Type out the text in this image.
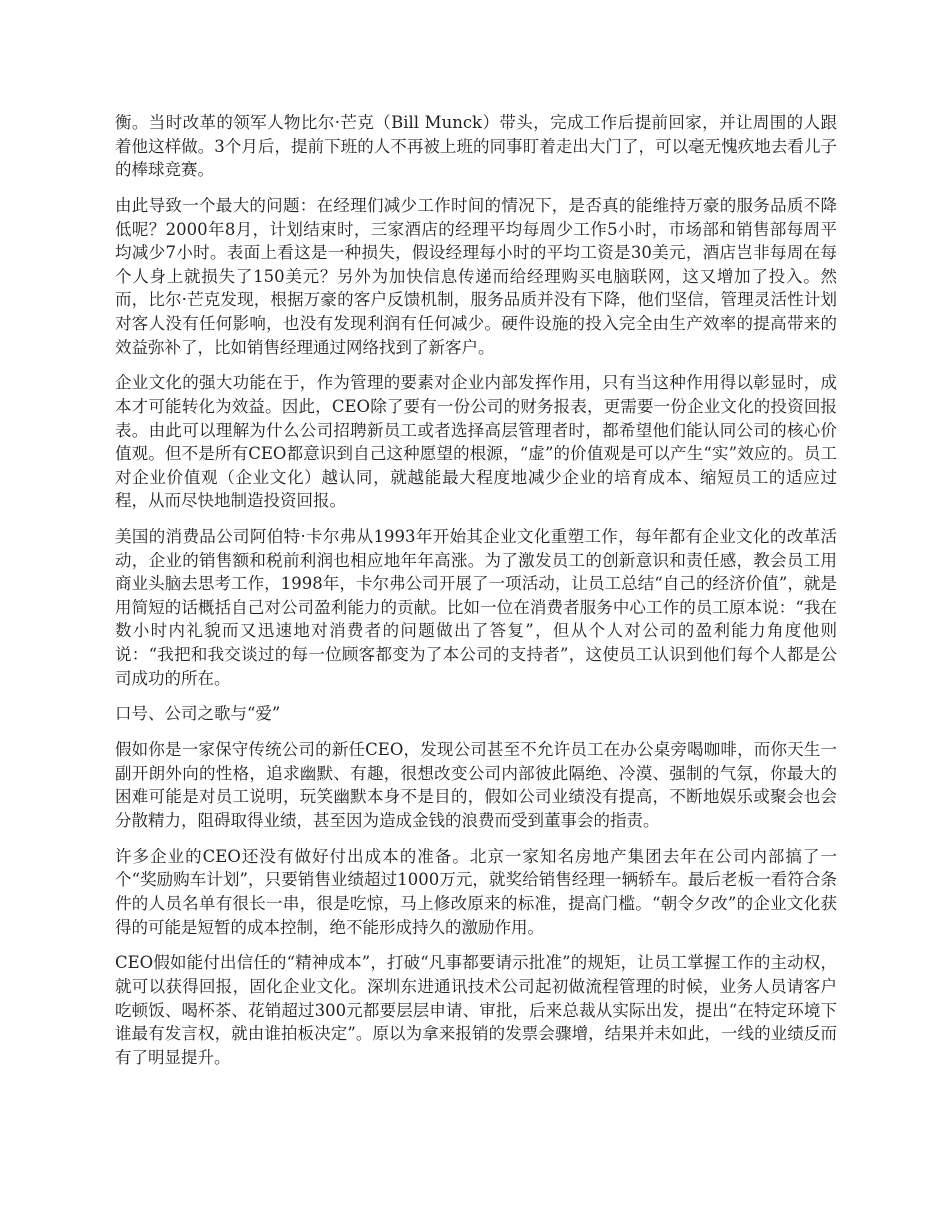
衡。当时改革的领军人物比尔·芒克（Bill Munck）带头，完成工作后提前回家，并让周围的人跟着他这样做。3个月后，提前下班的人不再被上班的同事盯着走出大门了，可以毫无愧疚地去看儿子的棒球竞赛。

由此导致一个最大的问题：在经理们减少工作时间的情况下，是否真的能维持万豪的服务品质不降低呢？2000年8月，计划结束时，三家酒店的经理平均每周少工作5小时，市场部和销售部每周平均减少7小时。表面上看这是一种损失，假设经理每小时的平均工资是30美元，酒店岂非每周在每个人身上就损失了150美元？另外为加快信息传递而给经理购买电脑联网，这又增加了投入。然而，比尔·芒克发现，根据万豪的客户反馈机制，服务品质并没有下降，他们坚信，管理灵活性计划对客人没有任何影响，也没有发现利润有任何减少。硬件设施的投入完全由生产效率的提高带来的效益弥补了，比如销售经理通过网络找到了新客户。

企业文化的强大功能在于，作为管理的要素对企业内部发挥作用，只有当这种作用得以彰显时，成本才可能转化为效益。因此，CEO除了要有一份公司的财务报表，更需要一份企业文化的投资回报表。由此可以理解为什么公司招聘新员工或者选择高层管理者时，都希望他们能认同公司的核心价值观。但不是所有CEO都意识到自己这种愿望的根源，“虚”的价值观是可以产生“实”效应的。员工对企业价值观（企业文化）越认同，就越能最大程度地减少企业的培育成本、缩短员工的适应过程，从而尽快地制造投资回报。

美国的消费品公司阿伯特·卡尔弗从1993年开始其企业文化重塑工作，每年都有企业文化的改革活动，企业的销售额和税前利润也相应地年年高涨。为了激发员工的创新意识和责任感，教会员工用商业头脑去思考工作，1998年，卡尔弗公司开展了一项活动，让员工总结“自己的经济价值”，就是用简短的话概括自己对公司盈利能力的贡献。比如一位在消费者服务中心工作的员工原本说：“我在数小时内礼貌而又迅速地对消费者的问题做出了答复”，但从个人对公司的盈利能力角度他则说：“我把和我交谈过的每一位顾客都变为了本公司的支持者”，这使员工认识到他们每个人都是公司成功的所在。

口号、公司之歌与“爱”

假如你是一家保守传统公司的新任CEO，发现公司甚至不允许员工在办公桌旁喝咖啡，而你天生一副开朗外向的性格，追求幽默、有趣，很想改变公司内部彼此隔绝、冷漠、强制的气氛，你最大的困难可能是对员工说明，玩笑幽默本身不是目的，假如公司业绩没有提高，不断地娱乐或聚会也会分散精力，阻碍取得业绩，甚至因为造成金钱的浪费而受到董事会的指责。

许多企业的CEO还没有做好付出成本的准备。北京一家知名房地产集团去年在公司内部搞了一个“奖励购车计划”，只要销售业绩超过1000万元，就奖给销售经理一辆轿车。最后老板一看符合条件的人员名单有很长一串，很是吃惊，马上修改原来的标准，提高门槛。“朝令夕改”的企业文化获得的可能是短暂的成本控制，绝不能形成持久的激励作用。

CEO假如能付出信任的“精神成本”，打破“凡事都要请示批准”的规矩，让员工掌握工作的主动权，就可以获得回报，固化企业文化。深圳东进通讯技术公司起初做流程管理的时候，业务人员请客户吃顿饭、喝杯茶、花销超过300元都要层层申请、审批，后来总裁从实际出发，提出“在特定环境下谁最有发言权，就由谁拍板决定”。原以为拿来报销的发票会骤增，结果并未如此，一线的业绩反而有了明显提升。
